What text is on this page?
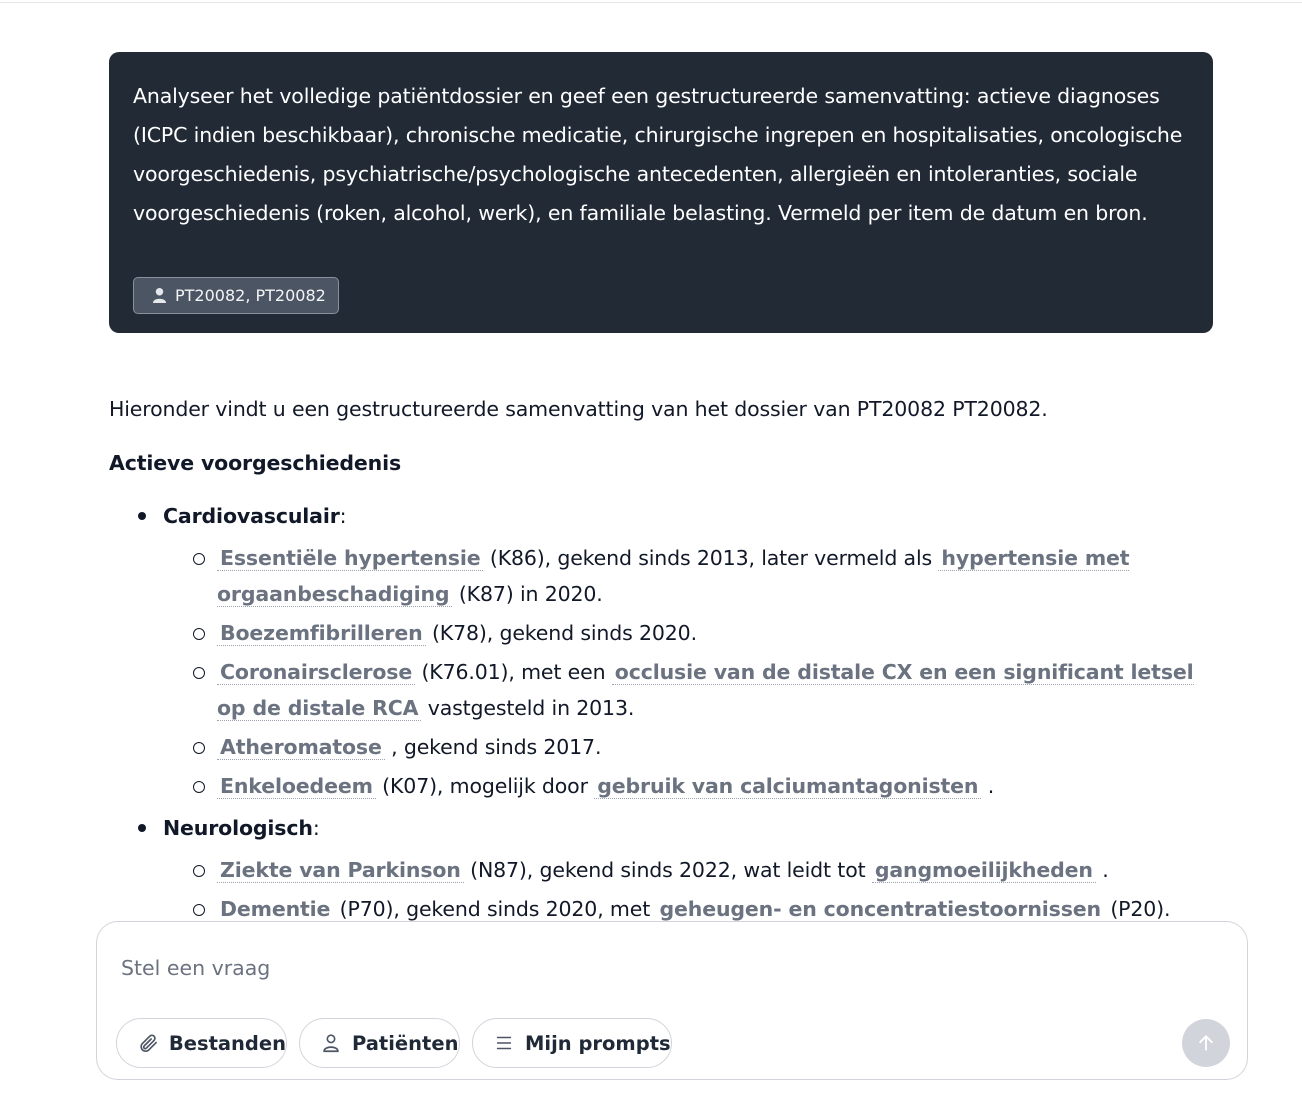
Analyseer het volledige patiëntdossier en geef een gestructureerde samenvatting: actieve diagnoses (ICPC indien beschikbaar), chronische medicatie, chirurgische ingrepen en hospitalisaties, oncologische voorgeschiedenis, psychiatrische/psychologische antecedenten, allergieën en intoleranties, sociale voorgeschiedenis (roken, alcohol, werk), en familiale belasting. Vermeld per item de datum en bron.
PT20082, PT20082

Hieronder vindt u een gestructureerde samenvatting van het dossier van PT20082 PT20082.

Actieve voorgeschiedenis
Cardiovasculair:
Essentiële hypertensie (K86), gekend sinds 2013, later vermeld als hypertensie met orgaanbeschadiging (K87) in 2020.
Boezemfibrilleren (K78), gekend sinds 2020.
Coronairsclerose (K76.01), met een occlusie van de distale CX en een significant letsel op de distale RCA vastgesteld in 2013.
Atheromatose , gekend sinds 2017.
Enkeloedeem (K07), mogelijk door gebruik van calciumantagonisten .
Neurologisch:
Ziekte van Parkinson (N87), gekend sinds 2022, wat leidt tot gangmoeilijkheden .
Dementie (P70), gekend sinds 2020, met geheugen- en concentratiestoornissen (P20).
Stel een vraag
Bestanden	Patiënten	Mijn prompts
